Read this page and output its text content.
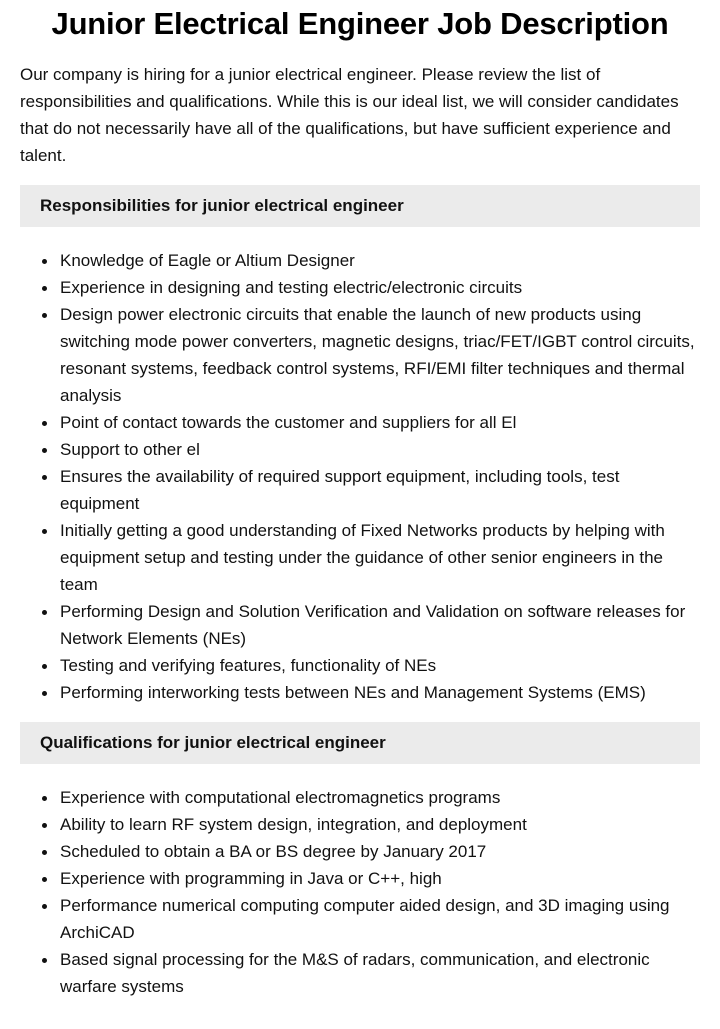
Junior Electrical Engineer Job Description

Our company is hiring for a junior electrical engineer. Please review the list of responsibilities and qualifications. While this is our ideal list, we will consider candidates that do not necessarily have all of the qualifications, but have sufficient experience and talent.

Responsibilities for junior electrical engineer
Knowledge of Eagle or Altium Designer
Experience in designing and testing electric/electronic circuits
Design power electronic circuits that enable the launch of new products using switching mode power converters, magnetic designs, triac/FET/IGBT control circuits, resonant systems, feedback control systems, RFI/EMI filter techniques and thermal analysis
Point of contact towards the customer and suppliers for all El
Support to other el
Ensures the availability of required support equipment, including tools, test equipment
Initially getting a good understanding of Fixed Networks products by helping with equipment setup and testing under the guidance of other senior engineers in the team
Performing Design and Solution Verification and Validation on software releases for Network Elements (NEs)
Testing and verifying features, functionality of NEs
Performing interworking tests between NEs and Management Systems (EMS)
Qualifications for junior electrical engineer
Experience with computational electromagnetics programs
Ability to learn RF system design, integration, and deployment
Scheduled to obtain a BA or BS degree by January 2017
Experience with programming in Java or C++, high
Performance numerical computing computer aided design, and 3D imaging using ArchiCAD
Based signal processing for the M&S of radars, communication, and electronic warfare systems
